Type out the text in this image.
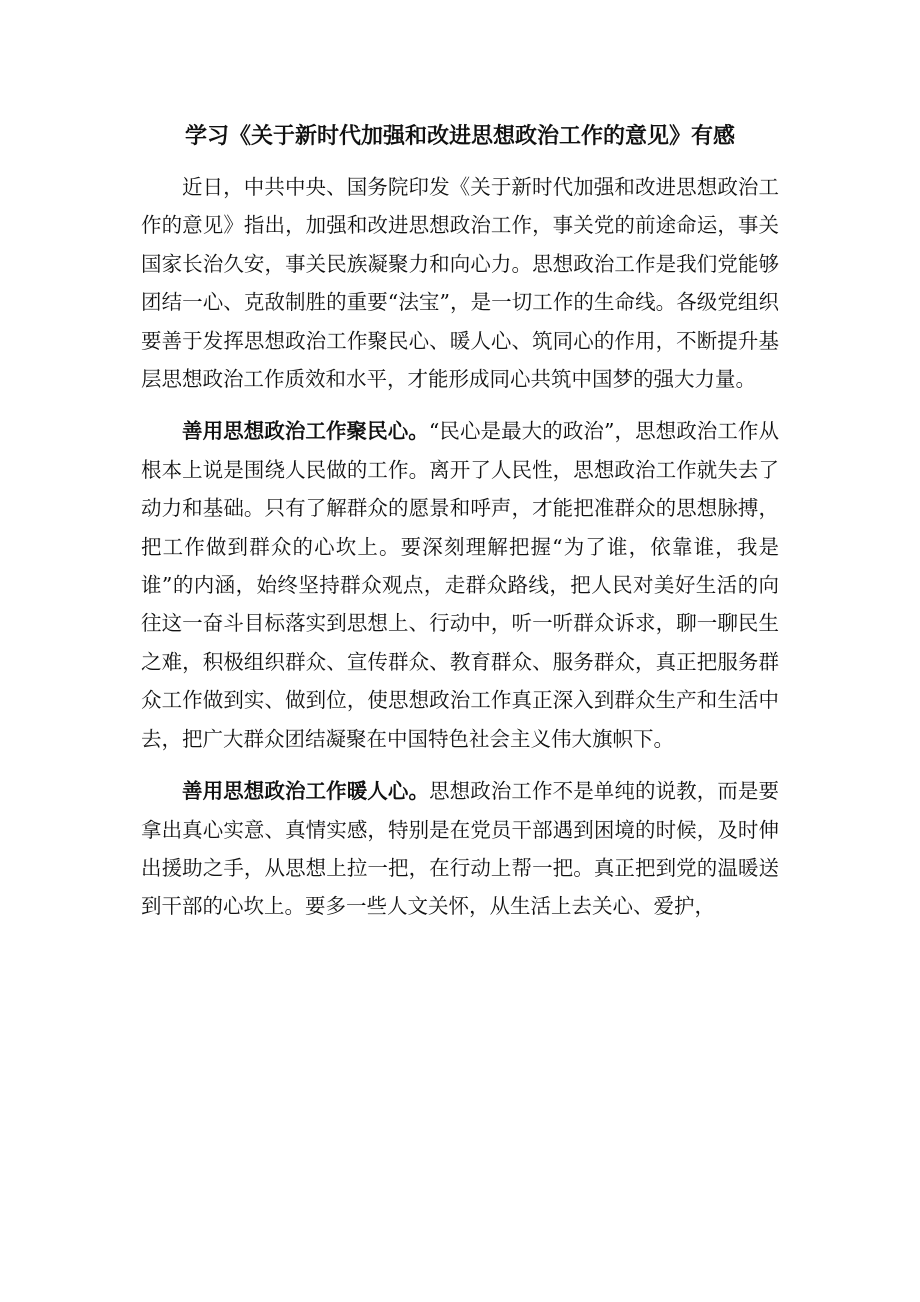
学习《关于新时代加强和改进思想政治工作的意见》有感

近日，中共中央、国务院印发《关于新时代加强和改进思想政治工作的意见》指出，加强和改进思想政治工作，事关党的前途命运，事关国家长治久安，事关民族凝聚力和向心力。思想政治工作是我们党能够团结一心、克敌制胜的重要“法宝”，是一切工作的生命线。各级党组织要善于发挥思想政治工作聚民心、暖人心、筑同心的作用，不断提升基层思想政治工作质效和水平，才能形成同心共筑中国梦的强大力量。

善用思想政治工作聚民心。“民心是最大的政治”，思想政治工作从根本上说是围绕人民做的工作。离开了人民性，思想政治工作就失去了动力和基础。只有了解群众的愿景和呼声，才能把准群众的思想脉搏，把工作做到群众的心坎上。要深刻理解把握“为了谁，依靠谁，我是谁”的内涵，始终坚持群众观点，走群众路线，把人民对美好生活的向往这一奋斗目标落实到思想上、行动中，听一听群众诉求，聊一聊民生之难，积极组织群众、宣传群众、教育群众、服务群众，真正把服务群众工作做到实、做到位，使思想政治工作真正深入到群众生产和生活中去，把广大群众团结凝聚在中国特色社会主义伟大旗帜下。

善用思想政治工作暖人心。思想政治工作不是单纯的说教，而是要拿出真心实意、真情实感，特别是在党员干部遇到困境的时候，及时伸出援助之手，从思想上拉一把，在行动上帮一把。真正把到党的温暖送到干部的心坎上。要多一些人文关怀，从生活上去关心、爱护，
